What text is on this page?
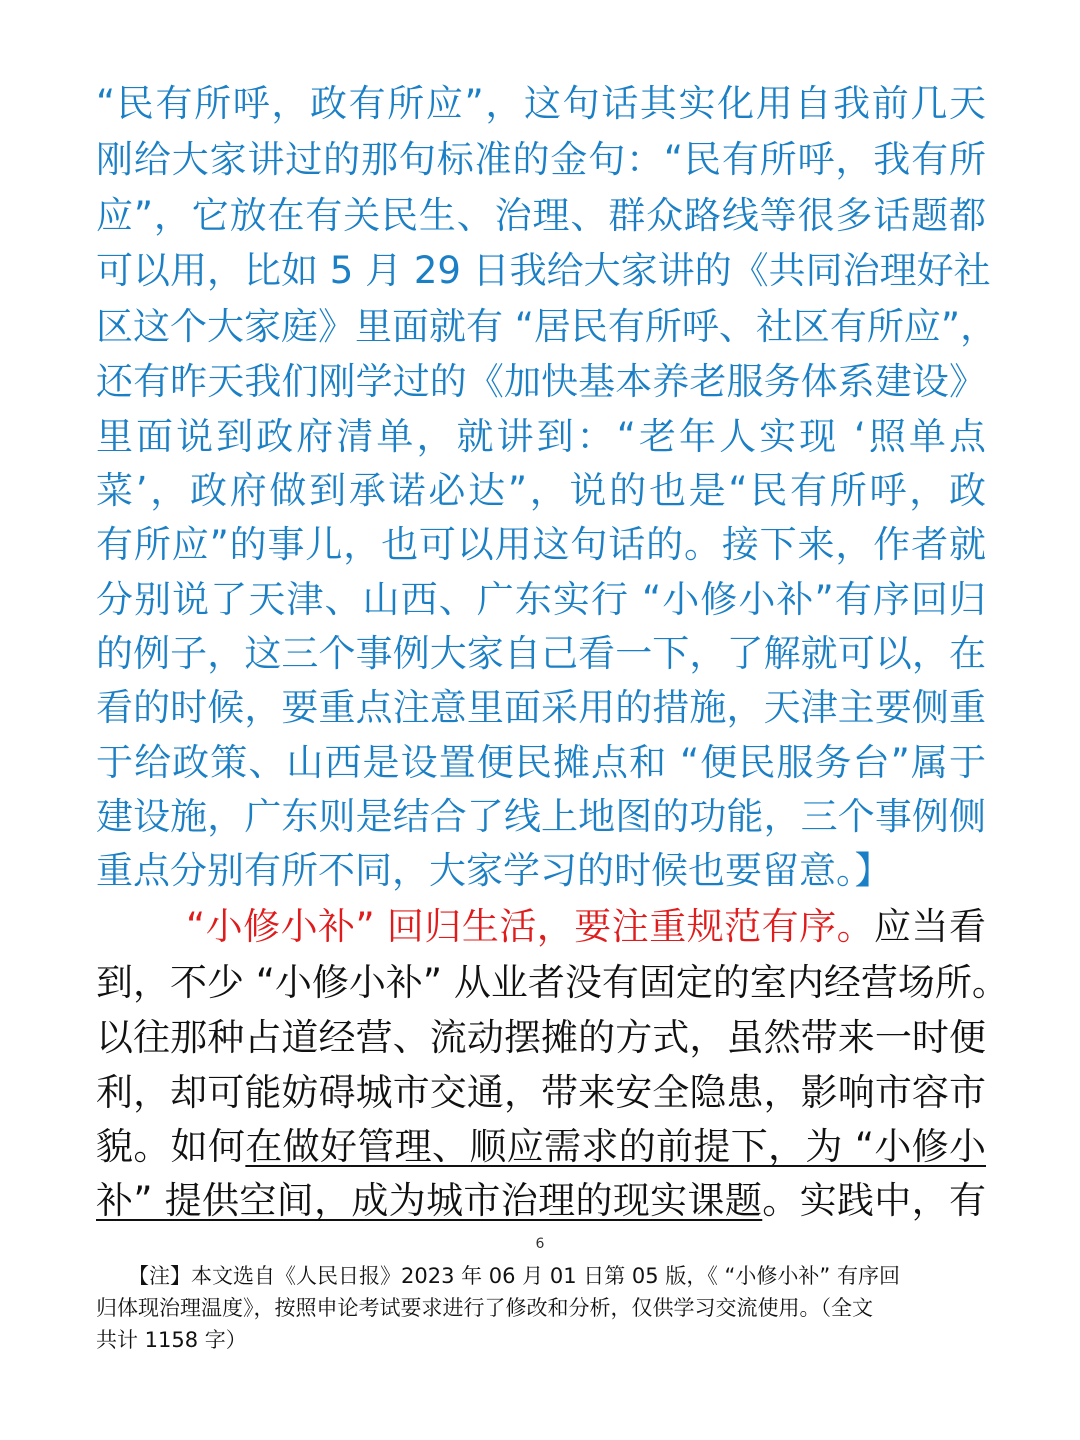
“民有所呼，政有所应”，这句话其实化用自我前几天
刚给大家讲过的那句标准的金句：“民有所呼，我有所
应”，它放在有关民生、治理、群众路线等很多话题都
可以用，比如 5 月 29 日我给大家讲的《共同治理好社
区这个大家庭》里面就有 “居民有所呼、社区有所应”，
还有昨天我们刚学过的《加快基本养老服务体系建设》
里面说到政府清单，就讲到：“老年人实现 ‘照单点
菜’，政府做到承诺必达”，说的也是“民有所呼，政
有所应”的事儿，也可以用这句话的。接下来，作者就
分别说了天津、山西、广东实行 “小修小补”有序回归
的例子，这三个事例大家自己看一下，了解就可以，在
看的时候，要重点注意里面采用的措施，天津主要侧重
于给政策、山西是设置便民摊点和 “便民服务台”属于
建设施，广东则是结合了线上地图的功能，三个事例侧
重点分别有所不同，大家学习的时候也要留意。】
“小修小补” 回归生活，要注重规范有序。应当看
到，不少 “小修小补” 从业者没有固定的室内经营场所。
以往那种占道经营、流动摆摊的方式，虽然带来一时便
利，却可能妨碍城市交通，带来安全隐患，影响市容市
貌。如何在做好管理、顺应需求的前提下，为 “小修小
补” 提供空间，成为城市治理的现实课题。实践中，有
6
【注】本文选自《人民日报》2023 年 06 月 01 日第 05 版，《 “小修小补” 有序回
归体现治理温度》，按照申论考试要求进行了修改和分析，仅供学习交流使用。（全文
共计 1158 字）
